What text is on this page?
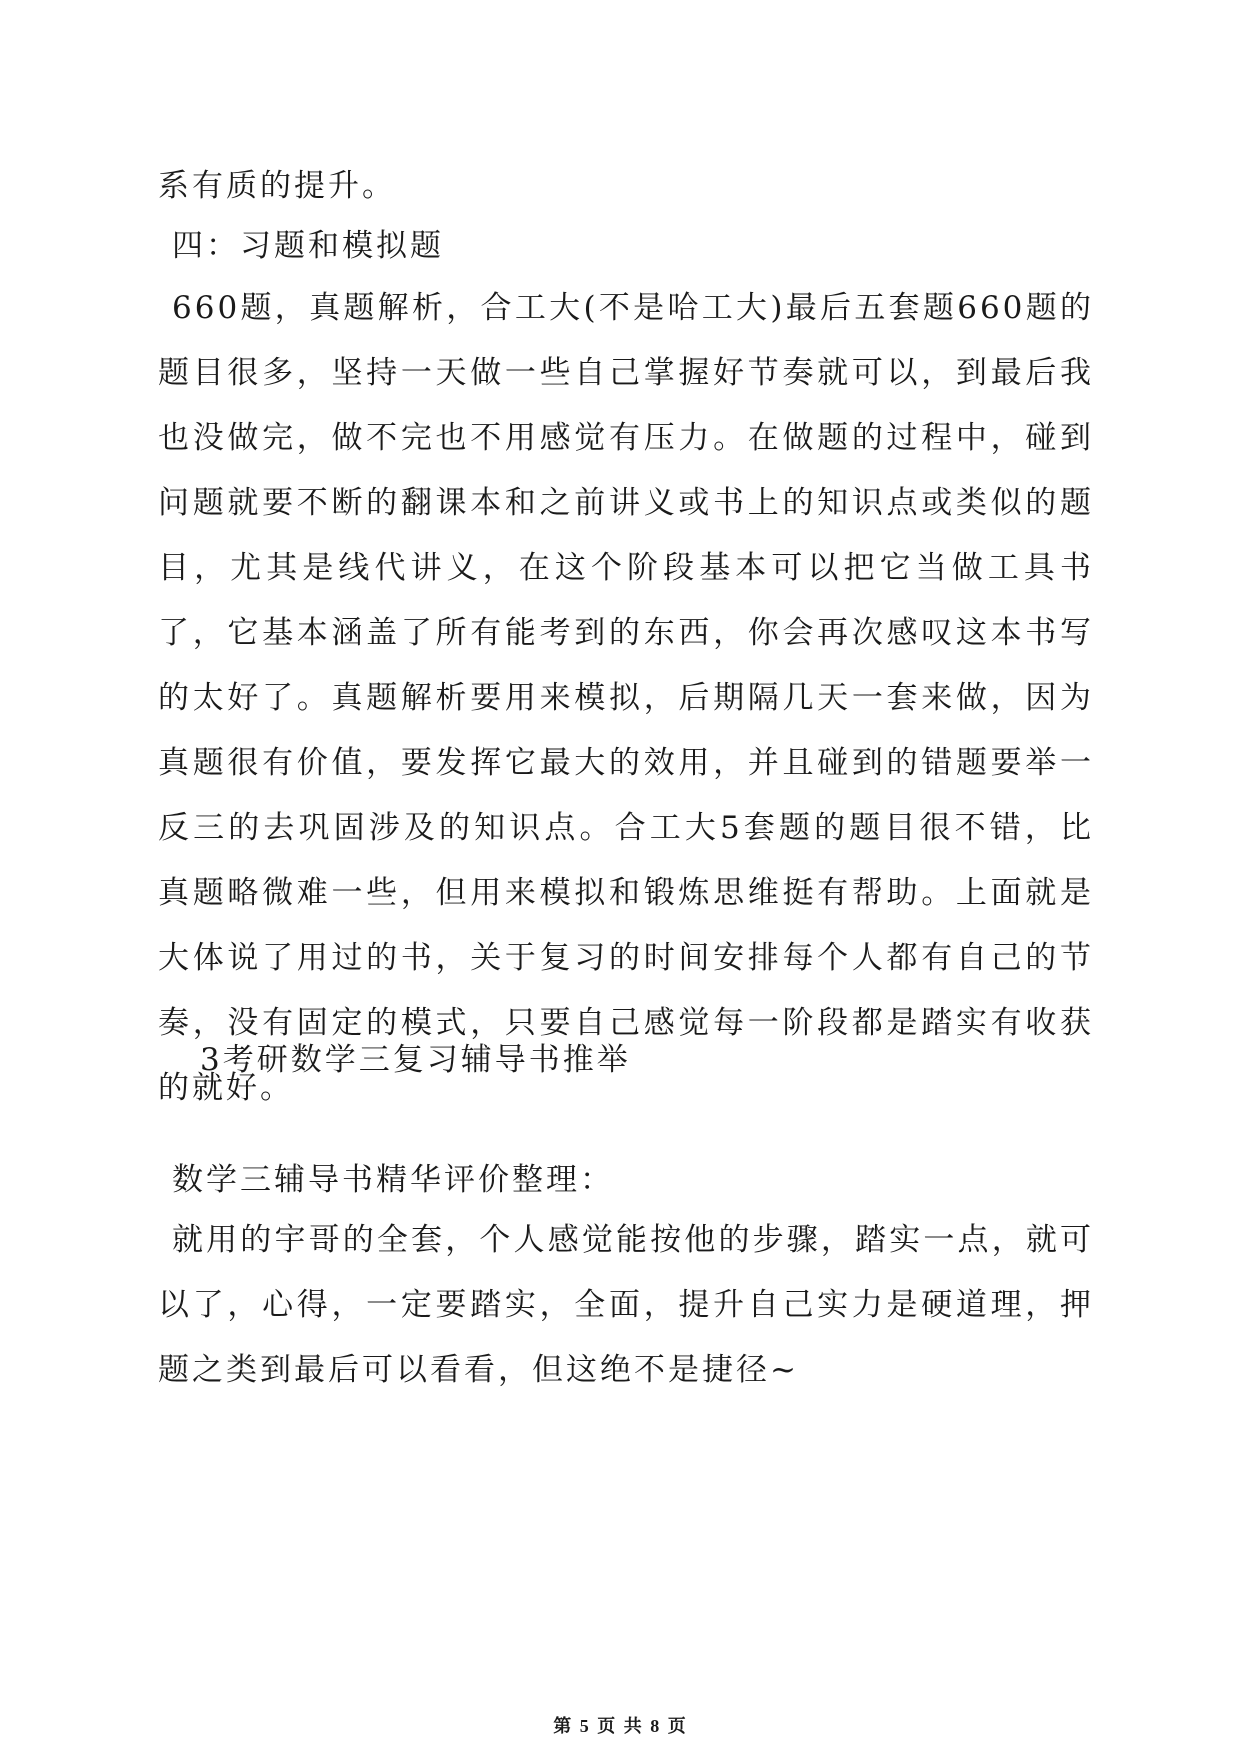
系有质的提升。

四：习题和模拟题

660题，真题解析，合工大(不是哈工大)最后五套题660题的题目很多，坚持一天做一些自己掌握好节奏就可以，到最后我也没做完，做不完也不用感觉有压力。在做题的过程中，碰到问题就要不断的翻课本和之前讲义或书上的知识点或类似的题目，尤其是线代讲义，在这个阶段基本可以把它当做工具书了，它基本涵盖了所有能考到的东西，你会再次感叹这本书写的太好了。真题解析要用来模拟，后期隔几天一套来做，因为真题很有价值，要发挥它最大的效用，并且碰到的错题要举一反三的去巩固涉及的知识点。合工大5套题的题目很不错，比真题略微难一些，但用来模拟和锻炼思维挺有帮助。上面就是大体说了用过的书，关于复习的时间安排每个人都有自己的节奏，没有固定的模式，只要自己感觉每一阶段都是踏实有收获的就好。

3考研数学三复习辅导书推举
数学三辅导书精华评价整理：

就用的宇哥的全套，个人感觉能按他的步骤，踏实一点，就可以了，心得，一定要踏实，全面，提升自己实力是硬道理，押题之类到最后可以看看，但这绝不是捷径~

第 5 页 共 8 页
